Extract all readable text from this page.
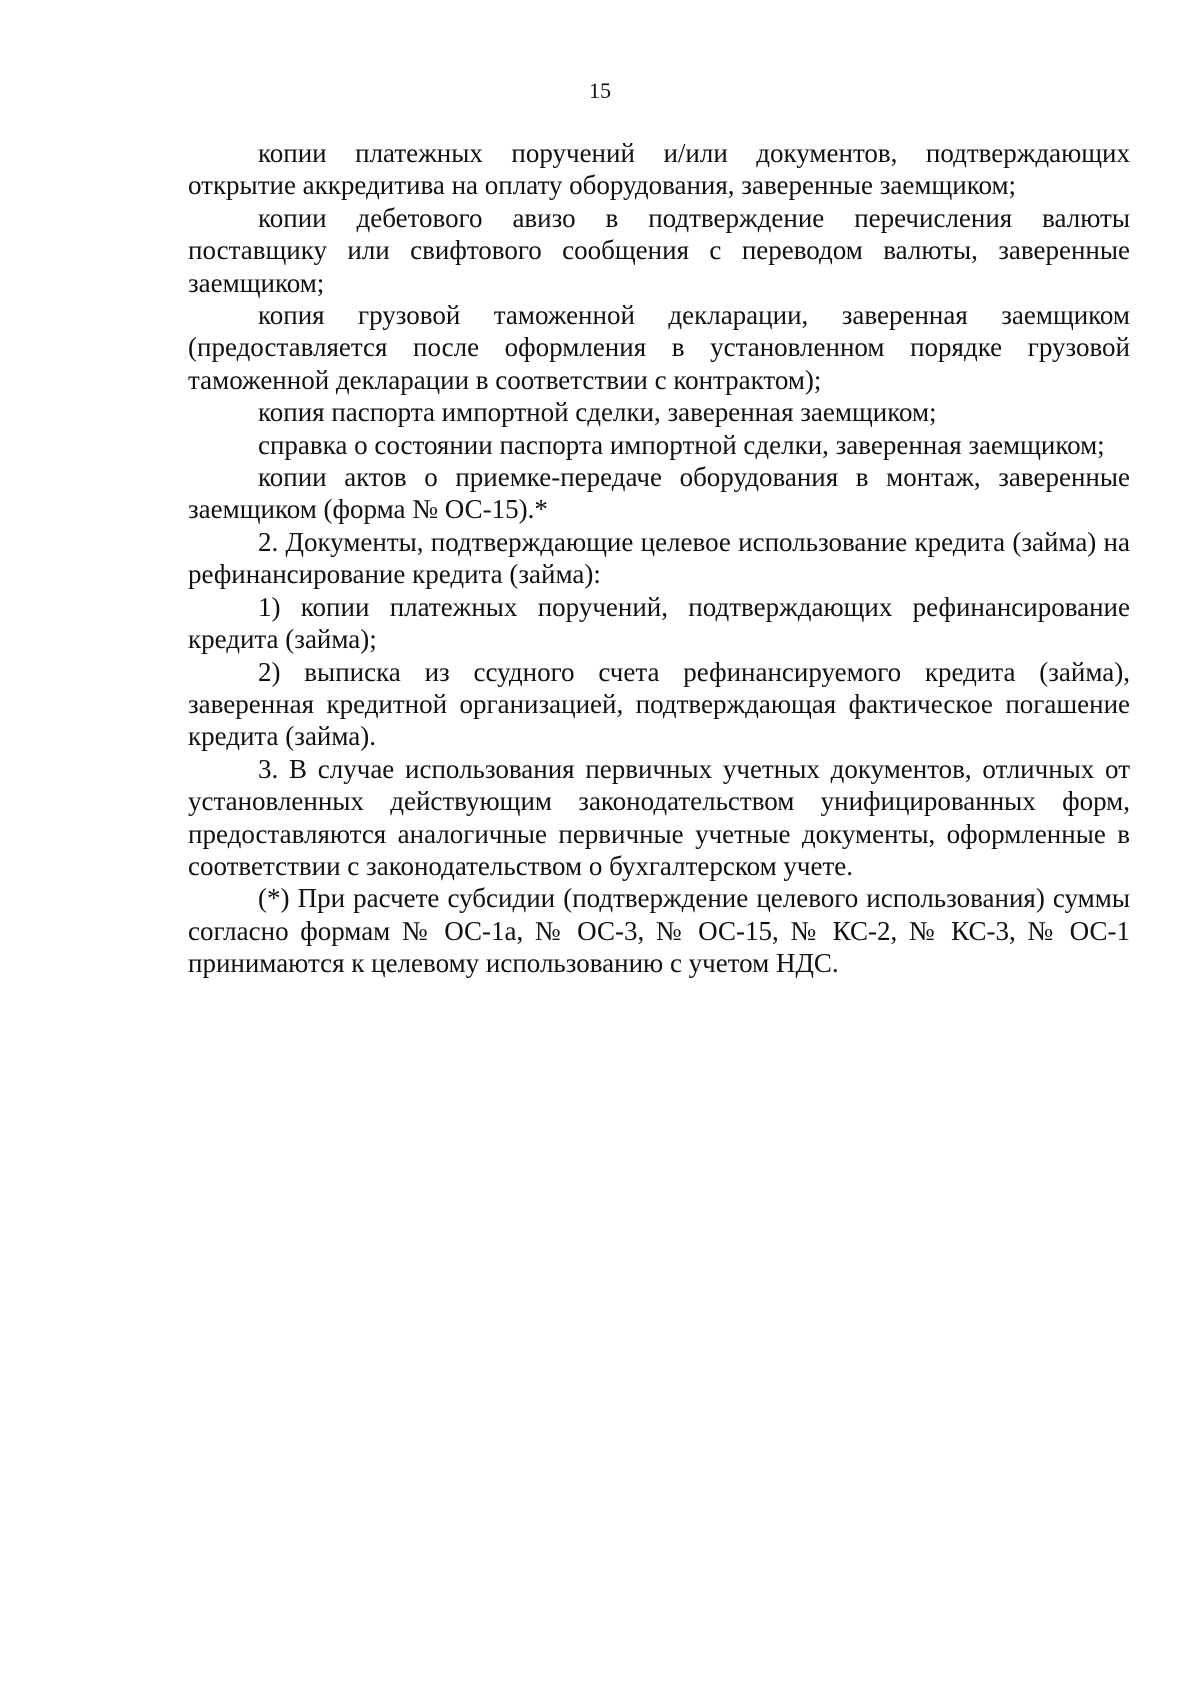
15

копии платежных поручений и/или документов, подтверждающих открытие аккредитива на оплату оборудования, заверенные заемщиком;

копии дебетового авизо в подтверждение перечисления валюты поставщику или свифтового сообщения с переводом валюты, заверенные заемщиком;

копия грузовой таможенной декларации, заверенная заемщиком (предоставляется после оформления в установленном порядке грузовой таможенной декларации в соответствии с контрактом);

копия паспорта импортной сделки, заверенная заемщиком;

справка о состоянии паспорта импортной сделки, заверенная заемщиком;

копии актов о приемке-передаче оборудования в монтаж, заверенные заемщиком (форма № ОС-15).*

2. Документы, подтверждающие целевое использование кредита (займа) на рефинансирование кредита (займа):

1) копии платежных поручений, подтверждающих рефинансирование кредита (займа);

2) выписка из ссудного счета рефинансируемого кредита (займа), заверенная кредитной организацией, подтверждающая фактическое погашение кредита (займа).

3. В случае использования первичных учетных документов, отличных от установленных действующим законодательством унифицированных форм, предоставляются аналогичные первичные учетные документы, оформленные в соответствии с законодательством о бухгалтерском учете.

(*) При расчете субсидии (подтверждение целевого использования) суммы согласно формам № ОС-1а, № ОС-3, № ОС-15, № КС-2, № КС-3, № ОС-1 принимаются к целевому использованию с учетом НДС.
